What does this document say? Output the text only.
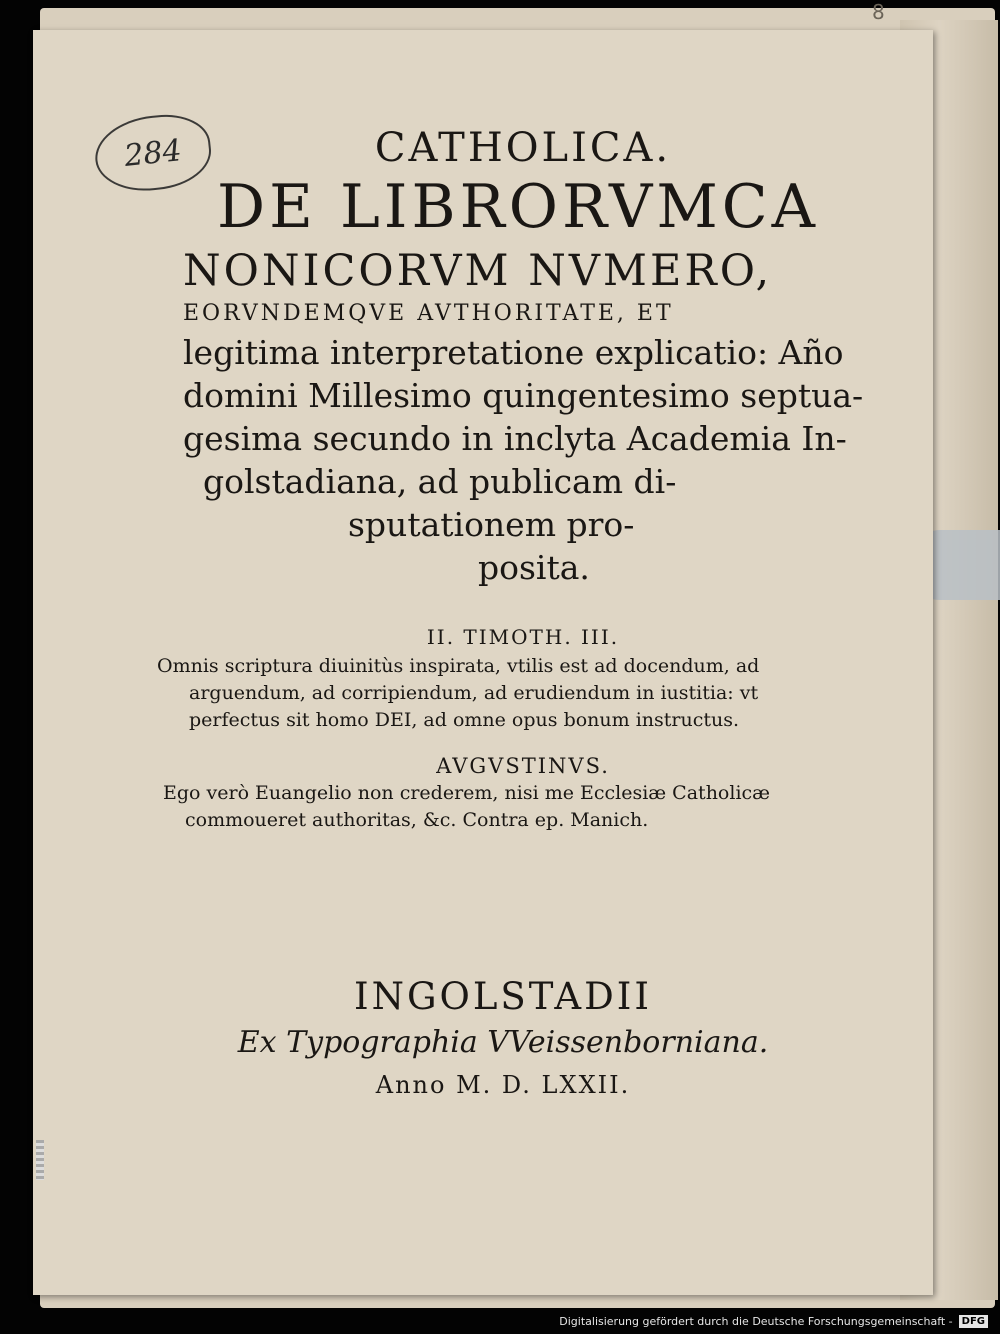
8
284	CATHOLICA.

DE LIBRORVMCA

NONICORVM NVMERO,

EORVNDEMQVE AVTHORITATE, ET

legitima interpretatione explicatio: Año
domini Millesimo quingentesimo septua-
gesima secundo in inclyta Academia In-
golstadiana, ad publicam di-
sputationem pro-
posita.

II. TIMOTH. III.

Omnis scriptura diuinitùs inspirata, vtilis est ad docendum, ad
arguendum, ad corripiendum, ad erudiendum in iustitia: vt
perfectus sit homo DEI, ad omne opus bonum instructus.

AVGVSTINVS.

Ego verò Euangelio non crederem, nisi me Ecclesiæ Catholicæ
commoueret authoritas, &c. Contra ep. Manich.

INGOLSTADII

Ex Typographia VVeissenborniana.

Anno M. D. LXXII.

Digitalisierung gefördert durch die Deutsche Forschungsgemeinschaft - DFG
